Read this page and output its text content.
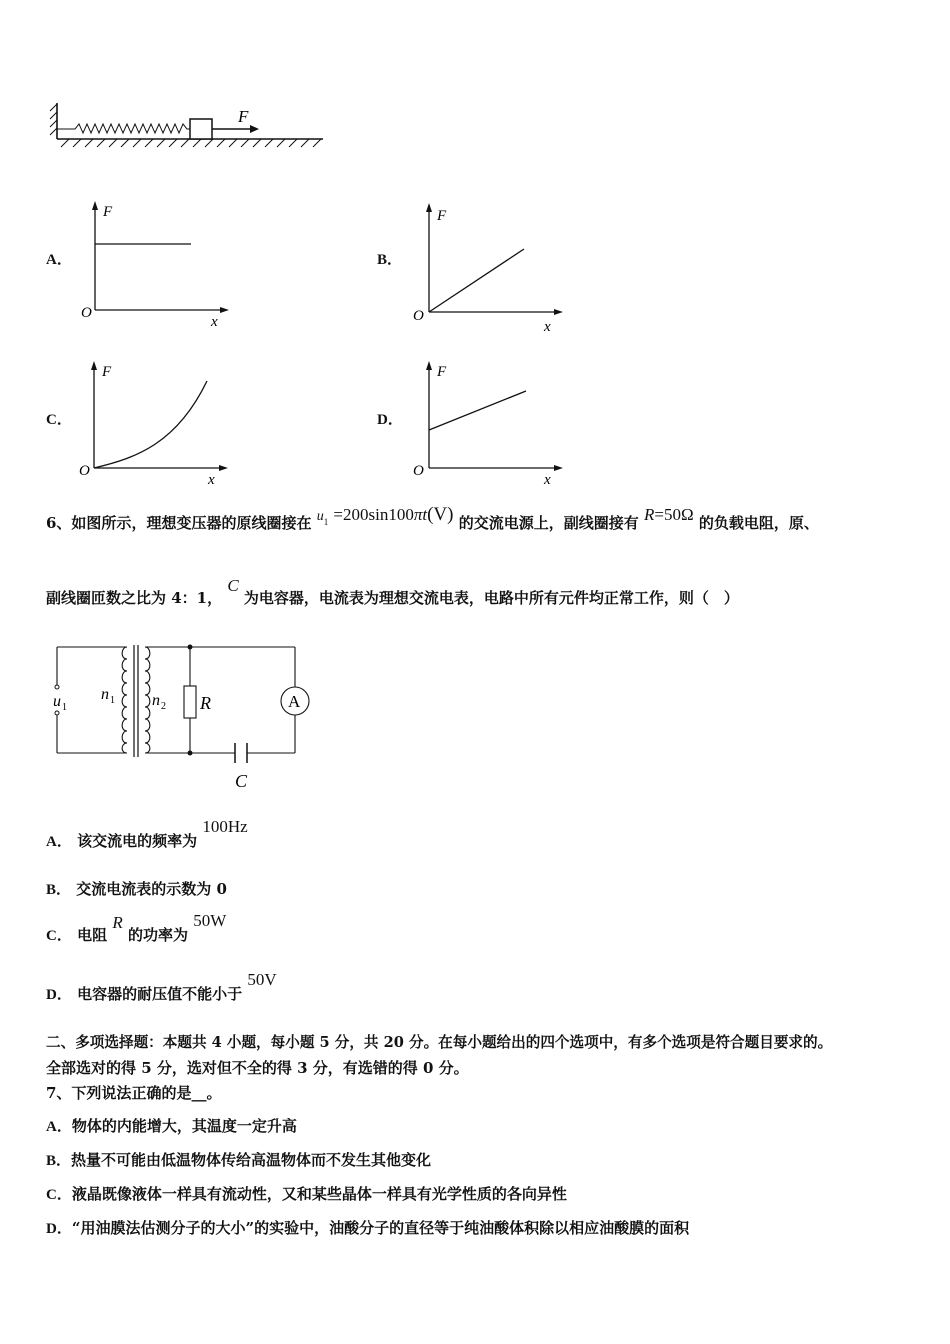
F
A．
F
O
x
B．
F
O
x
C．
F
O
x
D．
F
O
x
6、如图所示，理想变压器的原线圈接在 $u^1 =200\sin 100\pi t(V)$ 的交流电源上，副线圈接有 R=50Ω 的负载电阻，原、
副线圈匝数之比为 4：1， C 为电容器，电流表为理想交流电表，电路中所有元件均正常工作，则（　）
u 1
n 1 n 2 R	A
C
A． 该交流电的频率为 100Hz
B． 交流电流表的示数为 0
C． 电阻 R 的功率为 50W
D． 电容器的耐压值不能小于 50V
二、多项选择题：本题共 4 小题，每小题 5 分，共 20 分。在每小题给出的四个选项中，有多个选项是符合题目要求的。
全部选对的得 5 分，选对但不全的得 3 分，有选错的得 0 分。
7、下列说法正确的是__。
A．物体的内能增大，其温度一定升高
B．热量不可能由低温物体传给高温物体而不发生其他变化
C．液晶既像液体一样具有流动性，又和某些晶体一样具有光学性质的各向异性
D．“用油膜法估测分子的大小”的实验中，油酸分子的直径等于纯油酸体积除以相应油酸膜的面积
